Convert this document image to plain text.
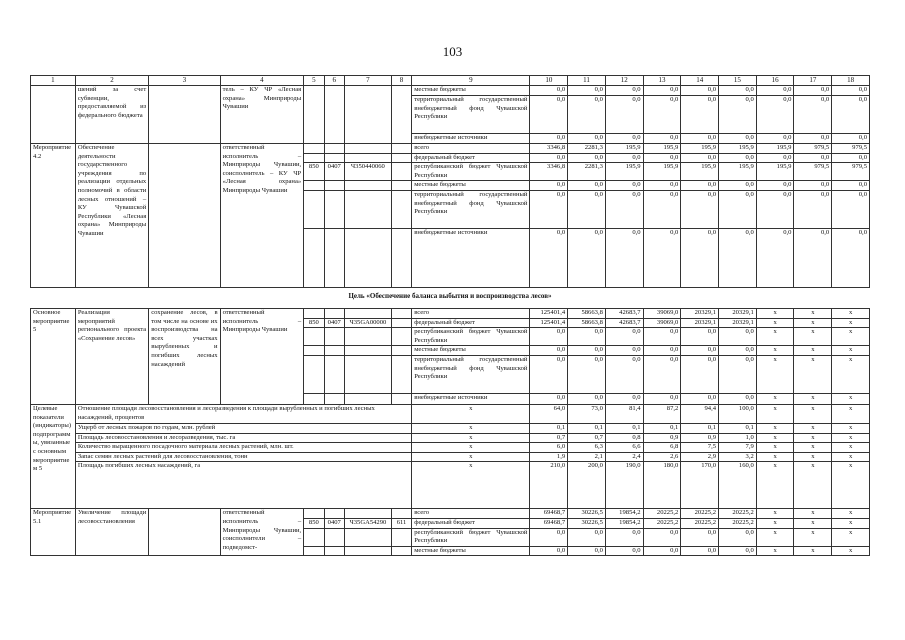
103
1	2	3	4	5	6	7	8	9	10	11	12	13	14	15	16	17	18
	шений за счет субвенции, предоставляемой из федерального бюджета		тель – КУ ЧР «Лесная охрана» Минприроды Чувашии					местные бюджеты	0,0	0,0	0,0	0,0	0,0	0,0	0,0	0,0	0,0
								территориальный государственный внебюджетный фонд Чувашской Республики	0,0	0,0	0,0	0,0	0,0	0,0	0,0	0,0	0,0
								внебюджетные источники	0,0	0,0	0,0	0,0	0,0	0,0	0,0	0,0	0,0
Мероприятие 4.2	Обеспечение деятельности государственного учреждения по реализации отдельных полномочий в области лесных отношений – КУ Чувашской Республики «Лесная охрана» Минприроды Чувашии		ответственный исполнитель – Минприроды Чувашии, соисполнитель – КУ ЧР «Лесная охрана» Минприроды Чувашии					всего	3346,8	2281,3	195,9	195,9	195,9	195,9	195,9	979,5	979,5
								федеральный бюджет	0,0	0,0	0,0	0,0	0,0	0,0	0,0	0,0	0,0
				850	0407	Ч350440060		республиканский бюджет Чувашской Республики	3346,8	2281,3	195,9	195,9	195,9	195,9	195,9	979,5	979,5
								местные бюджеты	0,0	0,0	0,0	0,0	0,0	0,0	0,0	0,0	0,0
								территориальный государственный внебюджетный фонд Чувашской Республики	0,0	0,0	0,0	0,0	0,0	0,0	0,0	0,0	0,0
								внебюджетные источники	0,0	0,0	0,0	0,0	0,0	0,0	0,0	0,0	0,0
Цель «Обеспечение баланса выбытия и воспроизводства лесов»																	
Основное мероприятие 5	Реализация мероприятий регионального проекта «Сохранение лесов»	сохранение лесов, в том числе на основе их воспроизводства на всех участках вырубленных и погибших лесных насаждений	ответственный исполнитель – Минприроды Чувашии					всего	125401,4	58663,8	42683,7	39069,0	20329,1	20329,1	x	x	x
				850	0407	Ч35GA00000		федеральный бюджет	125401,4	58663,8	42683,7	39069,0	20329,1	20329,1	x	x	x
								республиканский бюджет Чувашской Республики	0,0	0,0	0,0	0,0	0,0	0,0	x	x	x
								местные бюджеты	0,0	0,0	0,0	0,0	0,0	0,0	x	x	x
								территориальный государственный внебюджетный фонд Чувашской Республики	0,0	0,0	0,0	0,0	0,0	0,0	x	x	x
								внебюджетные источники	0,0	0,0	0,0	0,0	0,0	0,0	x	x	x
Целевые показатели (индикаторы) подпрограммы, увязанные с основным мероприятием 5	Отношение площади лесовосстановления и лесоразведения к площади вырубленных и погибших лесных насаждений, процентов							x	64,0	73,0	81,4	87,2	94,4	100,0	x	x	x
	Ущерб от лесных пожаров по годам, млн. рублей							x	0,1	0,1	0,1	0,1	0,1	0,1	x	x	x
	Площадь лесовосстановления и лесоразведения, тыс. га							x	0,7	0,7	0,8	0,9	0,9	1,0	x	x	x
	Количество выращенного посадочного материала лесных растений, млн. шт.							x	6,0	6,3	6,6	6,8	7,5	7,9	x	x	x
	Запас семян лесных растений для лесовосстановления, тонн							x	1,9	2,1	2,4	2,6	2,9	3,2	x	x	x
	Площадь погибших лесных насаждений, га							x	210,0	200,0	190,0	180,0	170,0	160,0	x	x	x
Мероприятие 5.1	Увеличение площади лесовосстановления		ответственный исполнитель – Минприроды Чувашии, соисполнители – подведомст-					всего	69468,7	30226,5	19854,2	20225,2	20225,2	20225,2	x	x	x
				850	0407	Ч35GA54290	611	федеральный бюджет	69468,7	30226,5	19854,2	20225,2	20225,2	20225,2	x	x	x
								республиканский бюджет Чувашской Республики	0,0	0,0	0,0	0,0	0,0	0,0	x	x	x
								местные бюджеты	0,0	0,0	0,0	0,0	0,0	0,0	x	x	x
